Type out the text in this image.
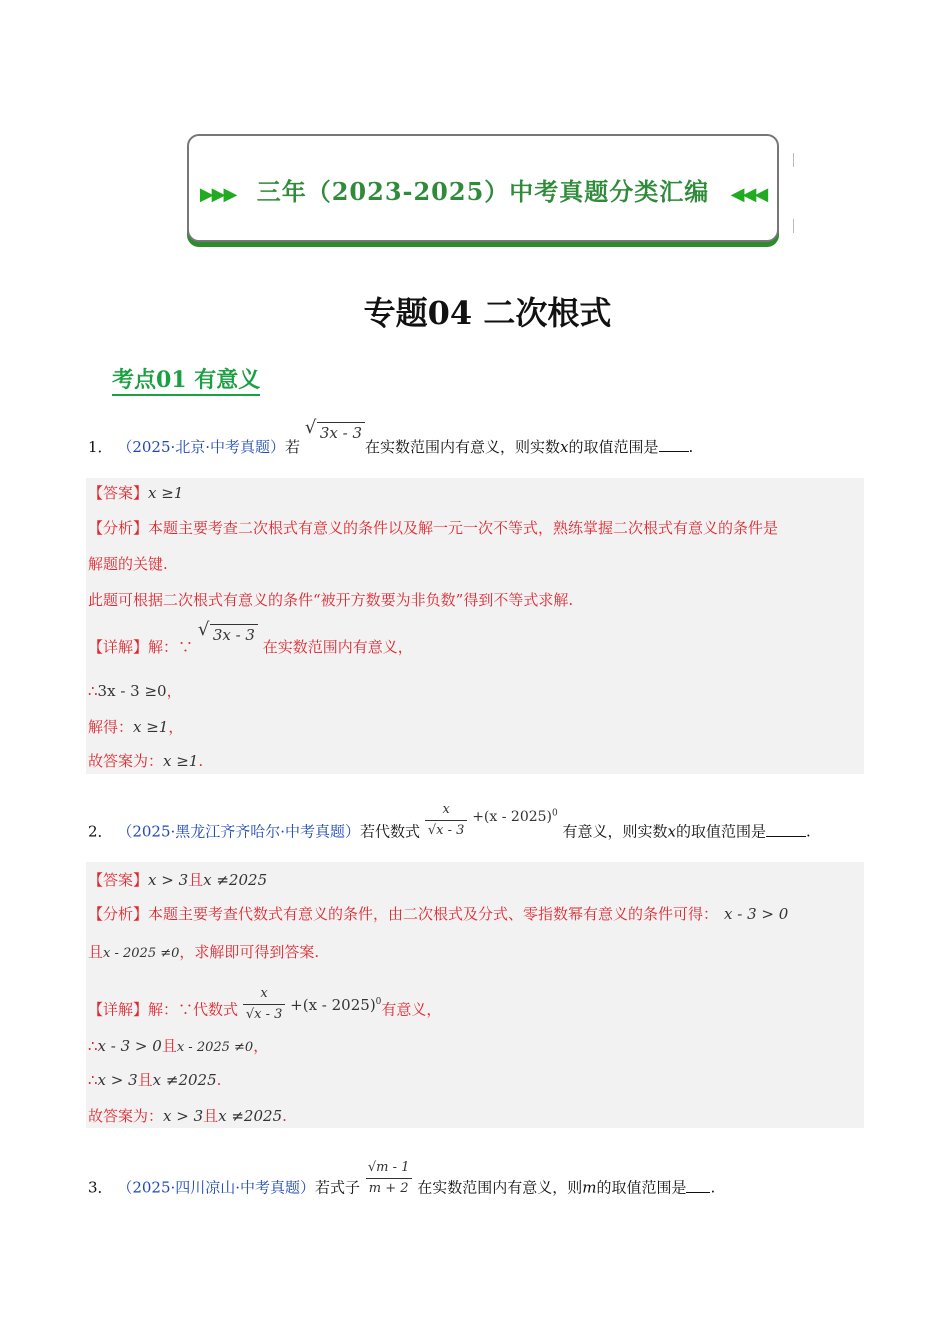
▶▶▶ 三年（2023-2025）中考真题分类汇编 ◀◀◀
专题04 二次根式
考点01 有意义
1． （2025·北京·中考真题）若 √ 3x - 3在实数范围内有意义，则实数x的取值范围是 .
【答案】x ≥1
【分析】本题主要考查二次根式有意义的条件以及解一元一次不等式，熟练掌握二次根式有意义的条件是
解题的关键.
此题可根据二次根式有意义的条件“被开方数要为非负数”得到不等式求解.
【详解】解：∵ √ 3x - 3 在实数范围内有意义，
∴3x - 3 ≥0，
解得：x ≥1，
故答案为：x ≥1.
2． （2025·黑龙江齐齐哈尔·中考真题）若代数式 $\frac{x}{√x - 3} +(x - 2025)^0$ 有意义，则实数x的取值范围是	.
【答案】x > 3且x ≠2025
【分析】本题主要考查代数式有意义的条件，由二次根式及分式、零指数幂有意义的条件可得： x - 3 > 0
且x - 2025 ≠0，求解即可得到答案.
【详解】解：∵代数式 $\frac{x}{√x - 3} +(x - 2025)^0$有意义，
∴x - 3 > 0且x - 2025 ≠0，
∴x > 3且x ≠2025.
故答案为：x > 3且x ≠2025.
3． （2025·四川凉山·中考真题）若式子 $\frac{√m - 1}{m + 2}$ 在实数范围内有意义，则m的取值范围是 .
